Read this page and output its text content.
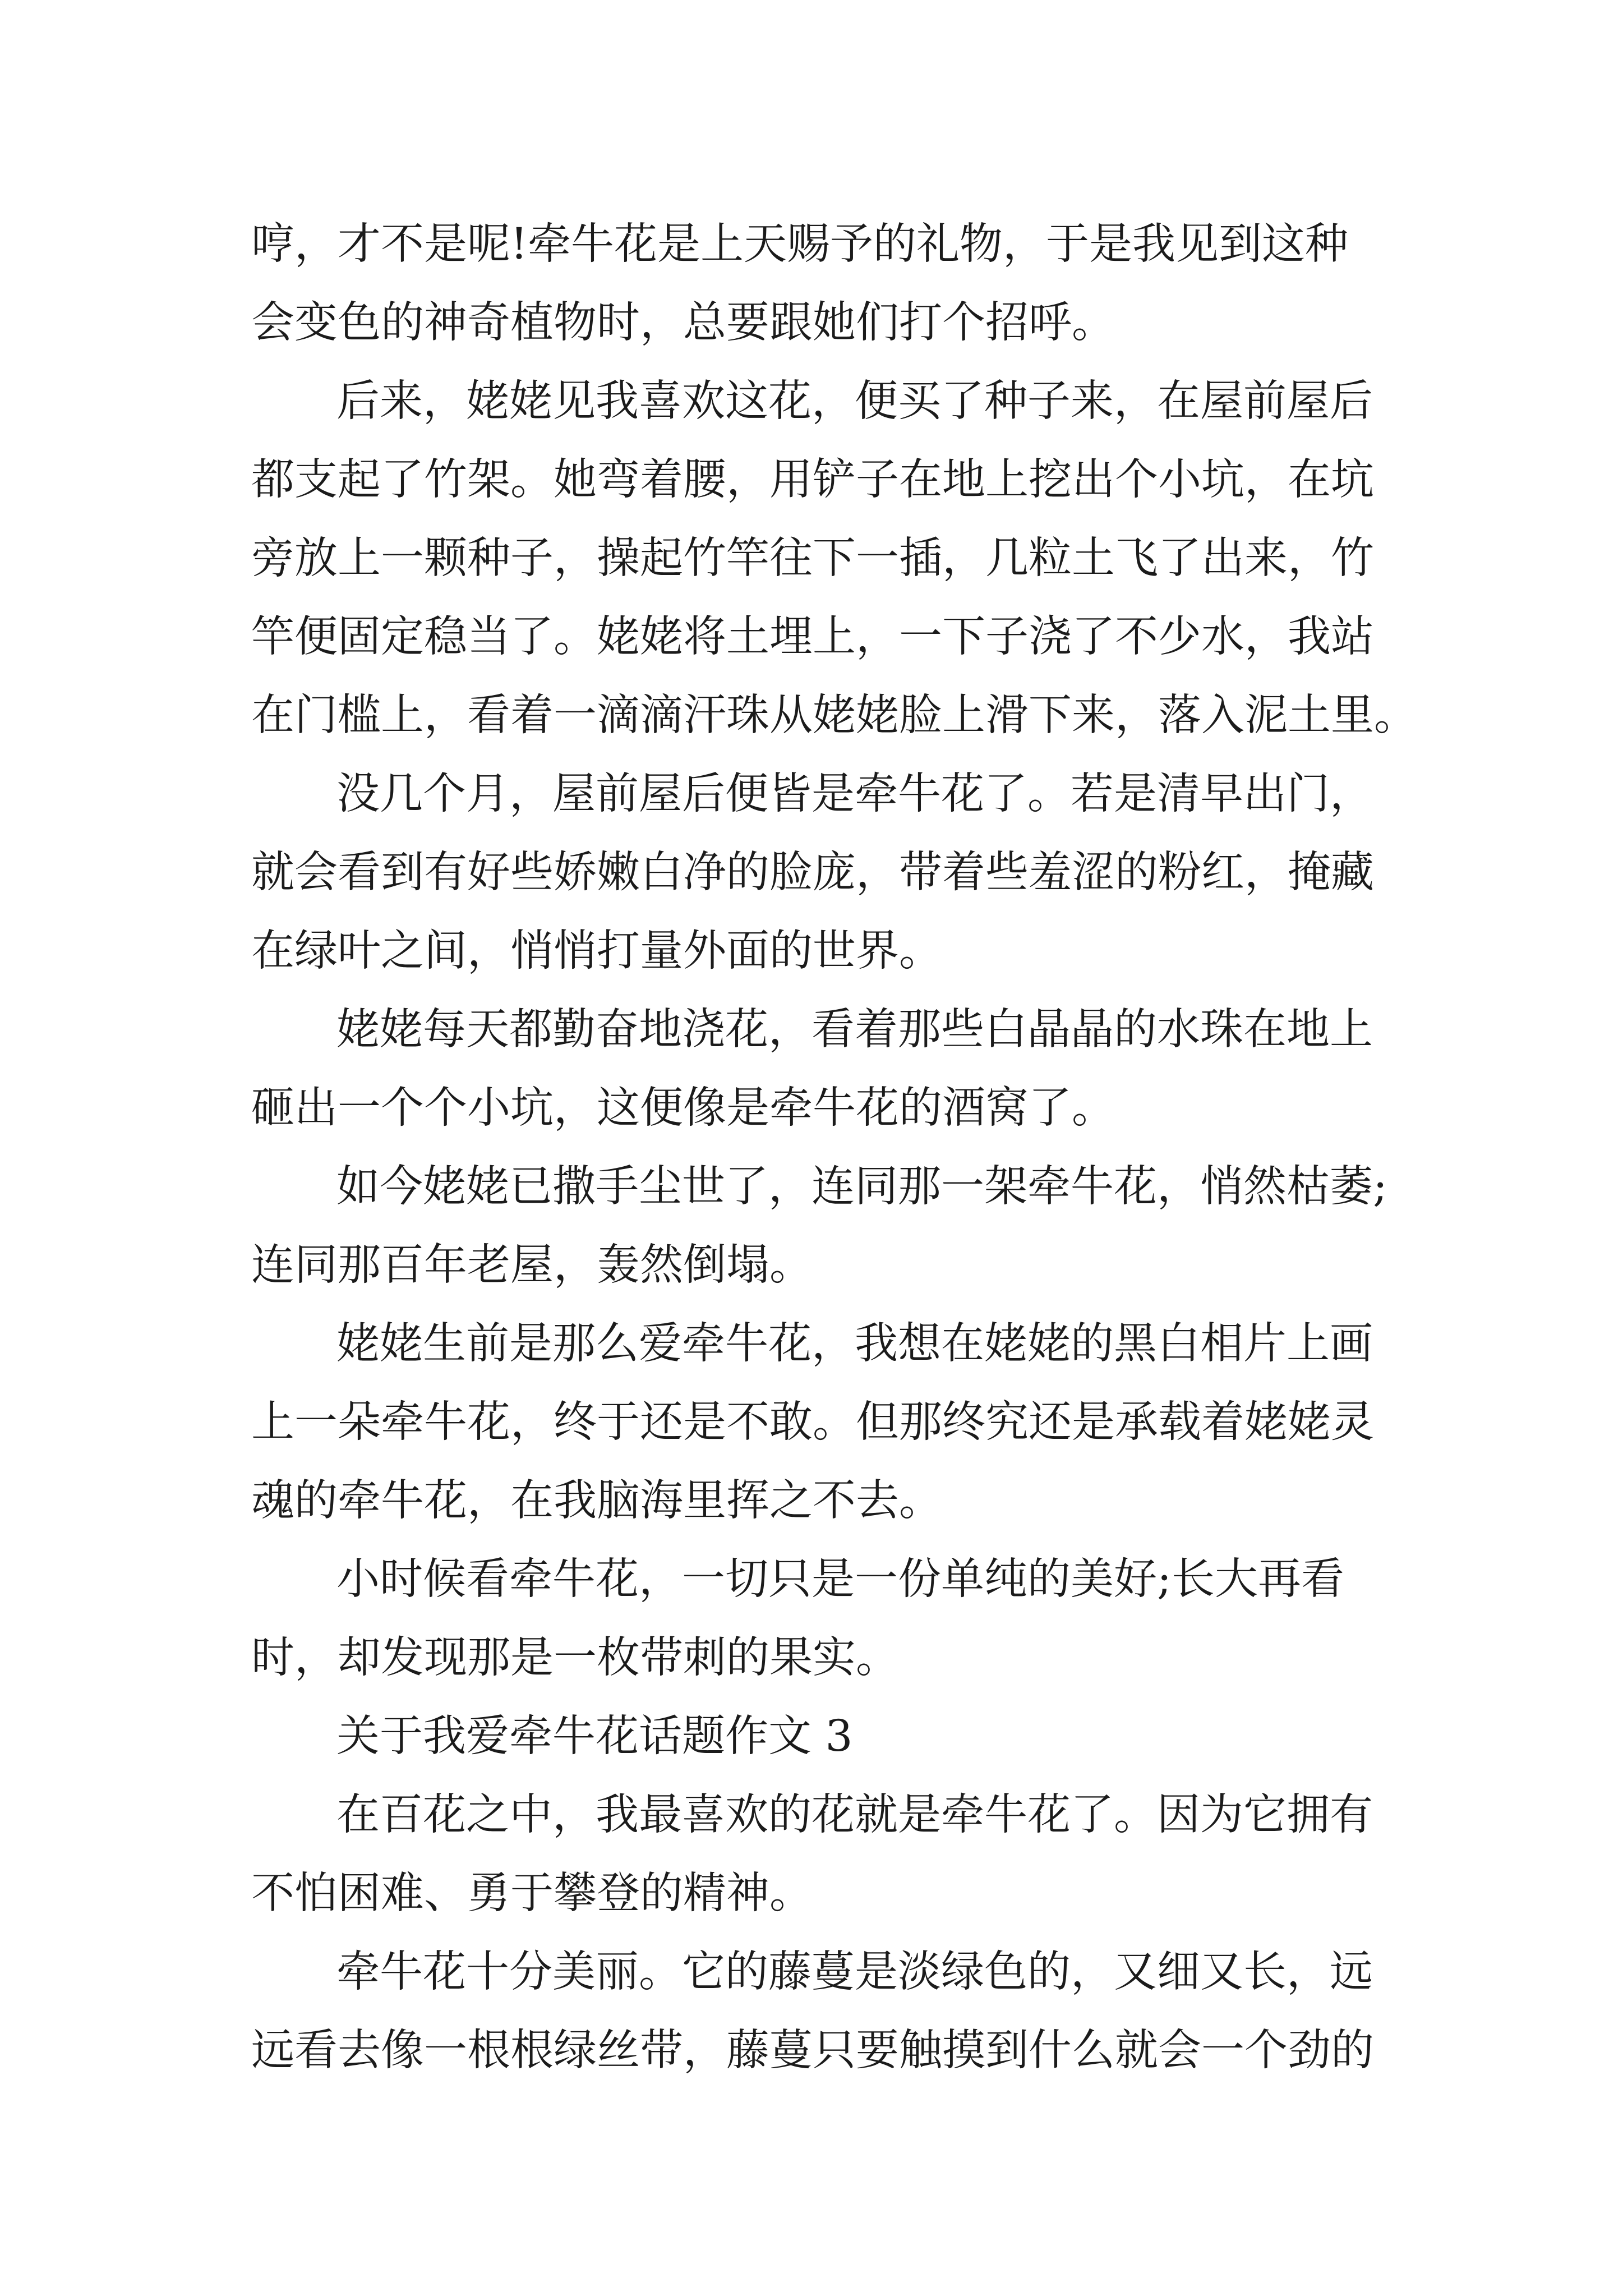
哼，才不是呢!牵牛花是上天赐予的礼物，于是我见到这种
会变色的神奇植物时，总要跟她们打个招呼。
后来，姥姥见我喜欢这花，便买了种子来，在屋前屋后
都支起了竹架。她弯着腰，用铲子在地上挖出个小坑，在坑
旁放上一颗种子，操起竹竿往下一插，几粒土飞了出来，竹
竿便固定稳当了。姥姥将土埋上，一下子浇了不少水，我站
在门槛上，看着一滴滴汗珠从姥姥脸上滑下来，落入泥土里。
没几个月，屋前屋后便皆是牵牛花了。若是清早出门，
就会看到有好些娇嫩白净的脸庞，带着些羞涩的粉红，掩藏
在绿叶之间，悄悄打量外面的世界。
姥姥每天都勤奋地浇花，看着那些白晶晶的水珠在地上
砸出一个个小坑，这便像是牵牛花的酒窝了。
如今姥姥已撒手尘世了，连同那一架牵牛花，悄然枯萎;
连同那百年老屋，轰然倒塌。
姥姥生前是那么爱牵牛花，我想在姥姥的黑白相片上画
上一朵牵牛花，终于还是不敢。但那终究还是承载着姥姥灵
魂的牵牛花，在我脑海里挥之不去。
小时候看牵牛花，一切只是一份单纯的美好;长大再看
时，却发现那是一枚带刺的果实。
关于我爱牵牛花话题作文 3
在百花之中，我最喜欢的花就是牵牛花了。因为它拥有
不怕困难、勇于攀登的精神。
牵牛花十分美丽。它的藤蔓是淡绿色的，又细又长，远
远看去像一根根绿丝带，藤蔓只要触摸到什么就会一个劲的
